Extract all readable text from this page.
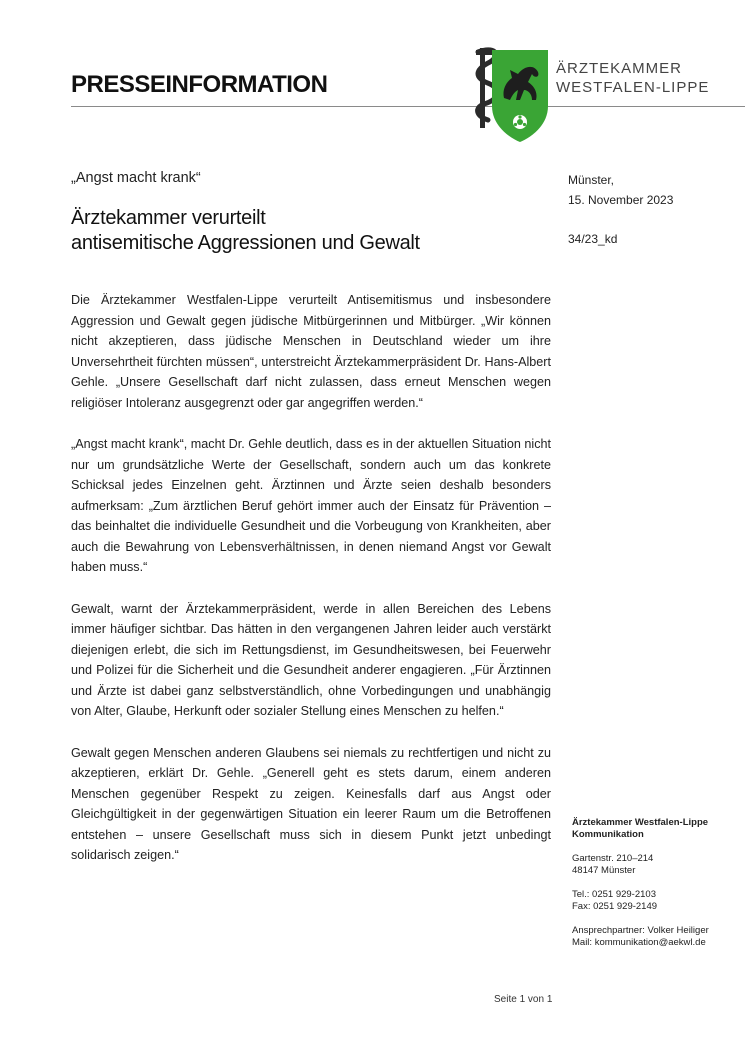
PRESSEINFORMATION
ÄRZTEKAMMER
WESTFALEN-LIPPE
„Angst macht krank“
Ärztekammer verurteilt
antisemitische Aggressionen und Gewalt
Münster,
15. November 2023
34/23_kd

Die Ärztekammer Westfalen-Lippe verurteilt Antisemitismus und insbesondere Aggression und Gewalt gegen jüdische Mitbürgerinnen und Mitbürger. „Wir können nicht akzeptieren, dass jüdische Menschen in Deutschland wieder um ihre Unversehrtheit fürchten müssen“, unterstreicht Ärztekammerpräsident Dr. Hans-Albert Gehle. „Unsere Gesellschaft darf nicht zulassen, dass erneut Menschen wegen religiöser Intoleranz ausgegrenzt oder gar angegriffen werden.“

„Angst macht krank“, macht Dr. Gehle deutlich, dass es in der aktuellen Situation nicht nur um grundsätzliche Werte der Gesellschaft, sondern auch um das konkrete Schicksal jedes Einzelnen geht. Ärztinnen und Ärzte seien deshalb besonders aufmerksam: „Zum ärztlichen Beruf gehört immer auch der Einsatz für Prävention – das beinhaltet die individuelle Gesundheit und die Vorbeugung von Krankheiten, aber auch die Bewahrung von Lebensverhältnissen, in denen niemand Angst vor Gewalt haben muss.“

Gewalt, warnt der Ärztekammerpräsident, werde in allen Bereichen des Lebens immer häufiger sichtbar. Das hätten in den vergangenen Jahren leider auch verstärkt diejenigen erlebt, die sich im Rettungsdienst, im Gesundheitswesen, bei Feuerwehr und Polizei für die Sicherheit und die Gesundheit anderer engagieren. „Für Ärztinnen und Ärzte ist dabei ganz selbstverständlich, ohne Vorbedingungen und unabhängig von Alter, Glaube, Herkunft oder sozialer Stellung eines Menschen zu helfen.“

Gewalt gegen Menschen anderen Glaubens sei niemals zu rechtfertigen und nicht zu akzeptieren, erklärt Dr. Gehle. „Generell geht es stets darum, einem anderen Menschen gegenüber Respekt zu zeigen. Keinesfalls darf aus Angst oder Gleichgültigkeit in der gegenwärtigen Situation ein leerer Raum um die Betroffenen entstehen – unsere Gesellschaft muss sich in diesem Punkt jetzt unbedingt solidarisch zeigen.“

Ärztekammer Westfalen-Lippe
Kommunikation
Gartenstr. 210–214
48147 Münster
Tel.: 0251 929-2103
Fax: 0251 929-2149
Ansprechpartner: Volker Heiliger
Mail: kommunikation@aekwl.de
Seite 1 von 1
